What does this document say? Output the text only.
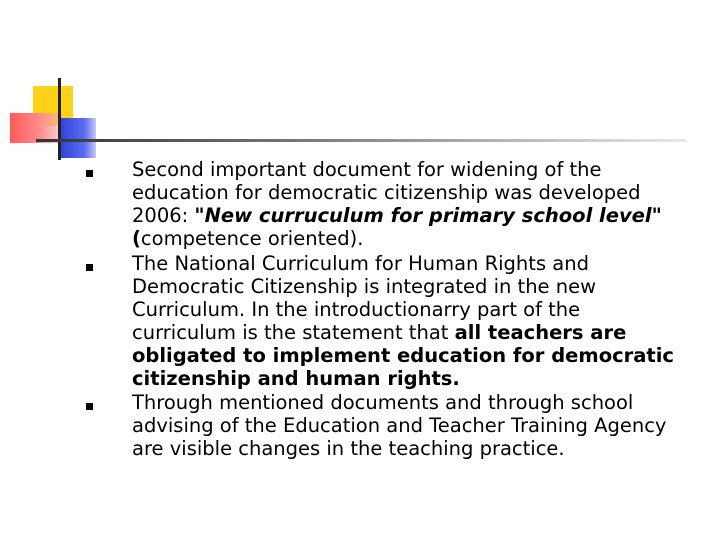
Second important document for widening of the education for democratic citizenship was developed 2006: "New curruculum for primary school level" (competence oriented).
The National Curriculum for Human Rights and Democratic Citizenship is integrated in the new Curriculum. In the introductionarry part of the curriculum is the statement that all teachers are obligated to implement education for democratic citizenship and human rights.
Through mentioned documents and through school advising of the Education and Teacher Training Agency are visible changes in the teaching practice.
